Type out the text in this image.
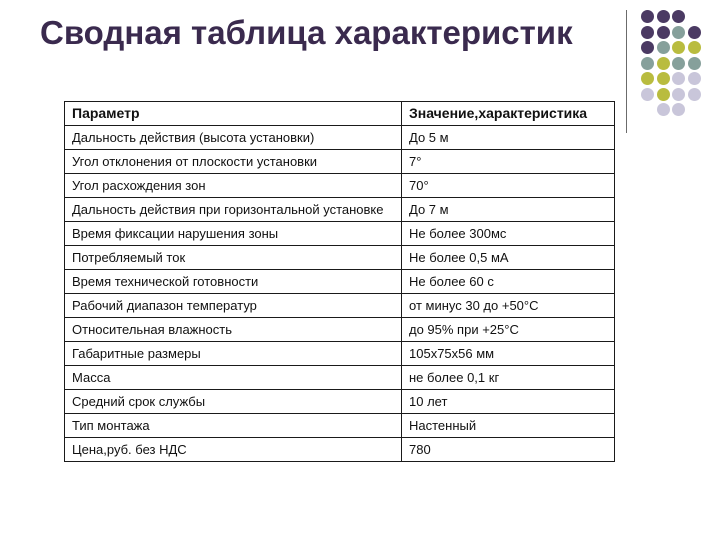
Сводная таблица характеристик
Параметр	Значение,характеристика
Дальность действия (высота установки)	До 5 м
Угол отклонения от плоскости установки	7°
Угол расхождения зон	70°
Дальность действия при горизонтальной установке	До 7 м
Время фиксации нарушения зоны	Не более 300мс
Потребляемый ток	Не более 0,5 мА
Время технической готовности	Не более 60 с
Рабочий диапазон температур	от минус 30 до +50°С
Относительная влажность	до 95% при +25°С
Габаритные размеры	105х75х56 мм
Масса	не более 0,1 кг
Средний срок службы	10 лет
Тип монтажа	Настенный
Цена,руб. без НДС	780
